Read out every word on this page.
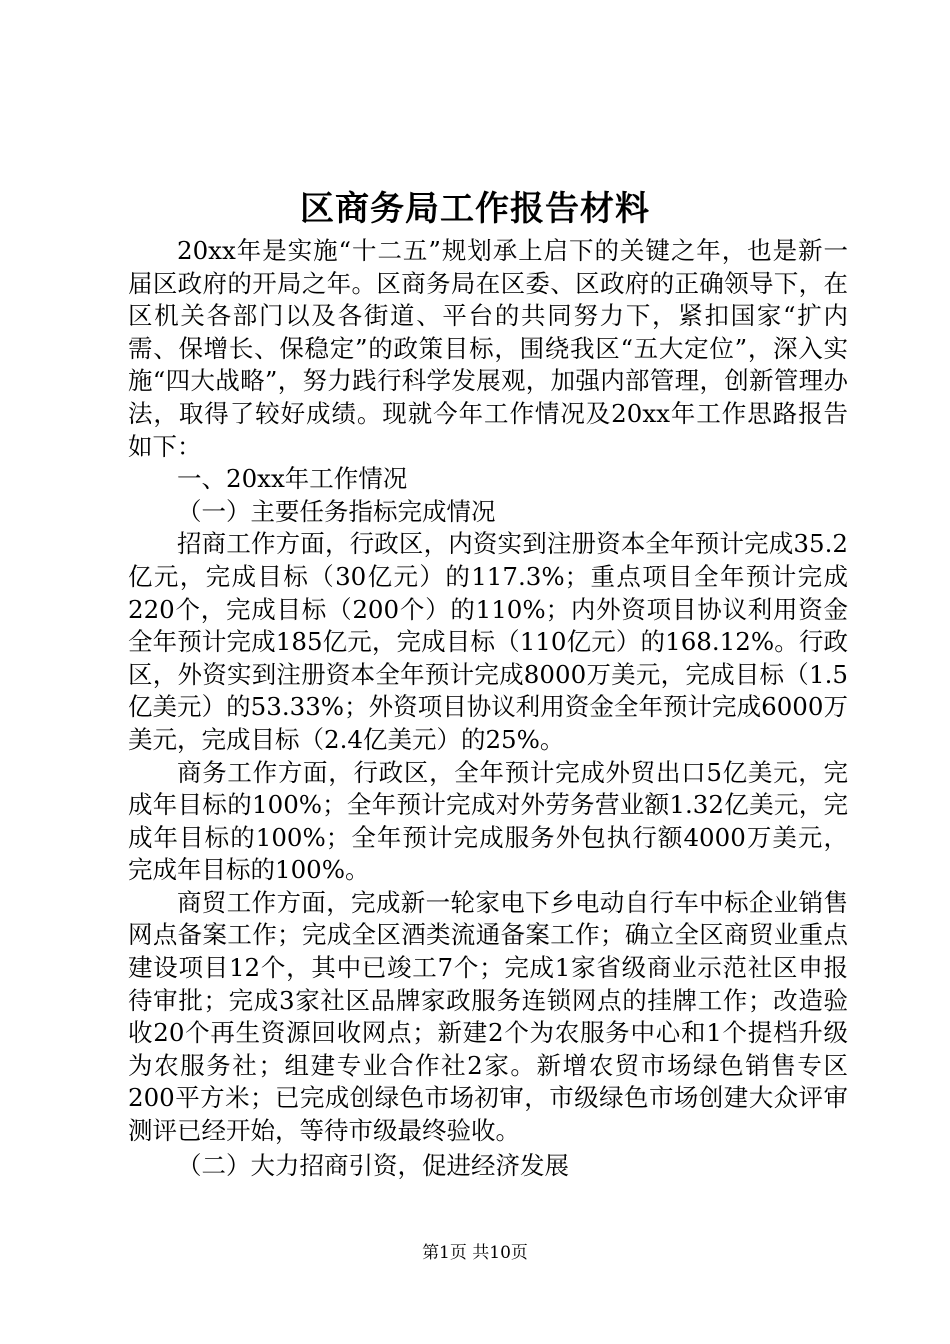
区商务局工作报告材料

20xx年是实施“十二五”规划承上启下的关键之年，也是新一届区政府的开局之年。区商务局在区委、区政府的正确领导下，在区机关各部门以及各街道、平台的共同努力下，紧扣国家“扩内需、保增长、保稳定”的政策目标，围绕我区“五大定位”，深入实施“四大战略”，努力践行科学发展观，加强内部管理，创新管理办法，取得了较好成绩。现就今年工作情况及20xx年工作思路报告如下：

一、20xx年工作情况

（一）主要任务指标完成情况

招商工作方面，行政区，内资实到注册资本全年预计完成35.2亿元，完成目标（30亿元）的117.3%；重点项目全年预计完成220个，完成目标（200个）的110%；内外资项目协议利用资金全年预计完成185亿元，完成目标（110亿元）的168.12%。行政区，外资实到注册资本全年预计完成8000万美元，完成目标（1.5亿美元）的53.33%；外资项目协议利用资金全年预计完成6000万美元，完成目标（2.4亿美元）的25%。

商务工作方面，行政区，全年预计完成外贸出口5亿美元，完成年目标的100%；全年预计完成对外劳务营业额1.32亿美元，完成年目标的100%；全年预计完成服务外包执行额4000万美元，完成年目标的100%。

商贸工作方面，完成新一轮家电下乡电动自行车中标企业销售网点备案工作；完成全区酒类流通备案工作；确立全区商贸业重点建设项目12个，其中已竣工7个；完成1家省级商业示范社区申报待审批；完成3家社区品牌家政服务连锁网点的挂牌工作；改造验收20个再生资源回收网点；新建2个为农服务中心和1个提档升级为农服务社；组建专业合作社2家。新增农贸市场绿色销售专区200平方米；已完成创绿色市场初审，市级绿色市场创建大众评审测评已经开始，等待市级最终验收。

（二）大力招商引资，促进经济发展
第1页 共10页
